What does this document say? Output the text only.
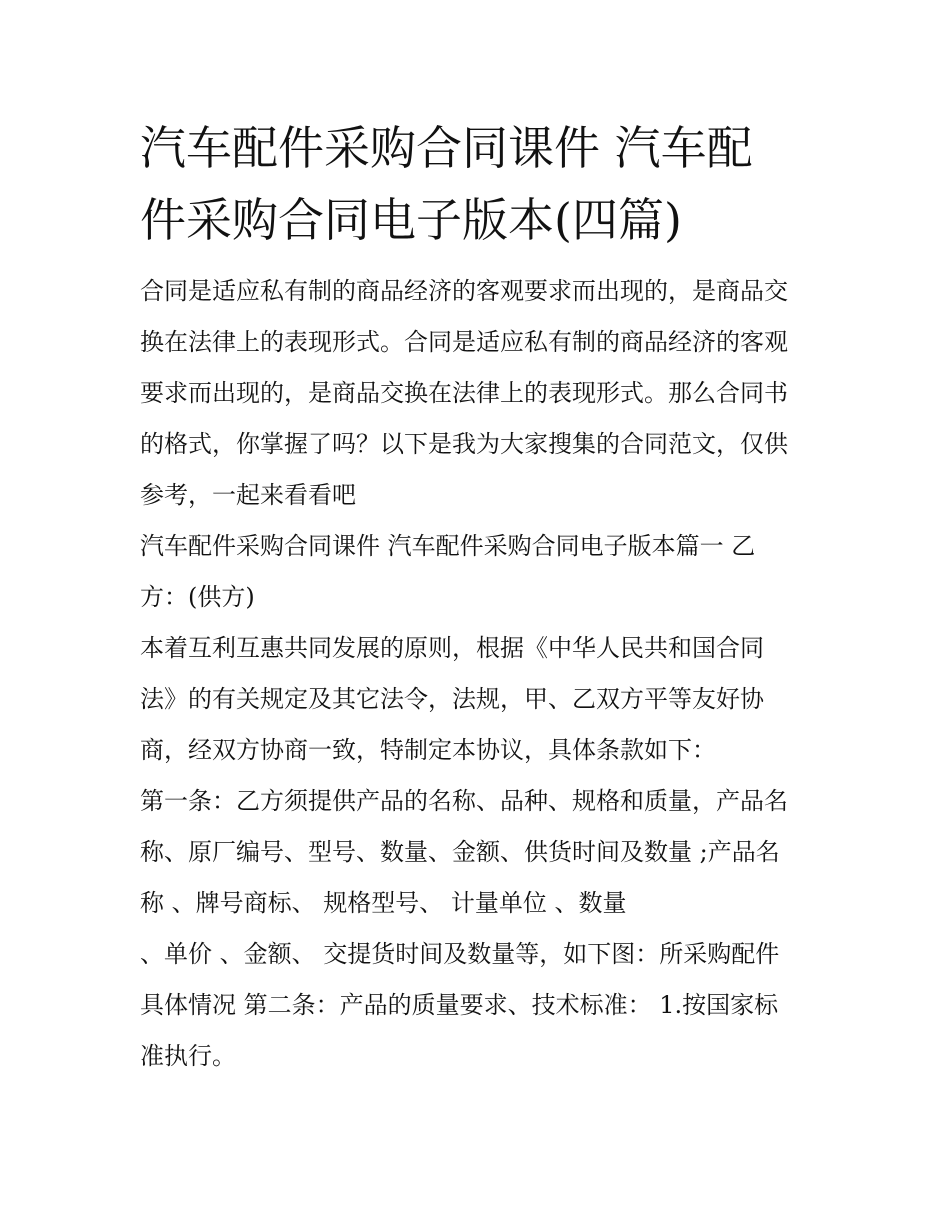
汽车配件采购合同课件 汽车配
件采购合同电子版本(四篇)
合同是适应私有制的商品经济的客观要求而出现的，是商品交
换在法律上的表现形式。合同是适应私有制的商品经济的客观
要求而出现的，是商品交换在法律上的表现形式。那么合同书
的格式，你掌握了吗？以下是我为大家搜集的合同范文，仅供
参考，一起来看看吧
汽车配件采购合同课件 汽车配件采购合同电子版本篇一 乙
方：(供方)
本着互利互惠共同发展的原则，根据《中华人民共和国合同
法》的有关规定及其它法令，法规，甲、乙双方平等友好协
商，经双方协商一致，特制定本协议，具体条款如下：
第一条：乙方须提供产品的名称、品种、规格和质量，产品名
称、原厂编号、型号、数量、金额、供货时间及数量 ;产品名
称 、牌号商标、 规格型号、 计量单位 、数量
、单价 、金额、 交提货时间及数量等，如下图：所采购配件
具体情况 第二条：产品的质量要求、技术标准： 1.按国家标
准执行。
